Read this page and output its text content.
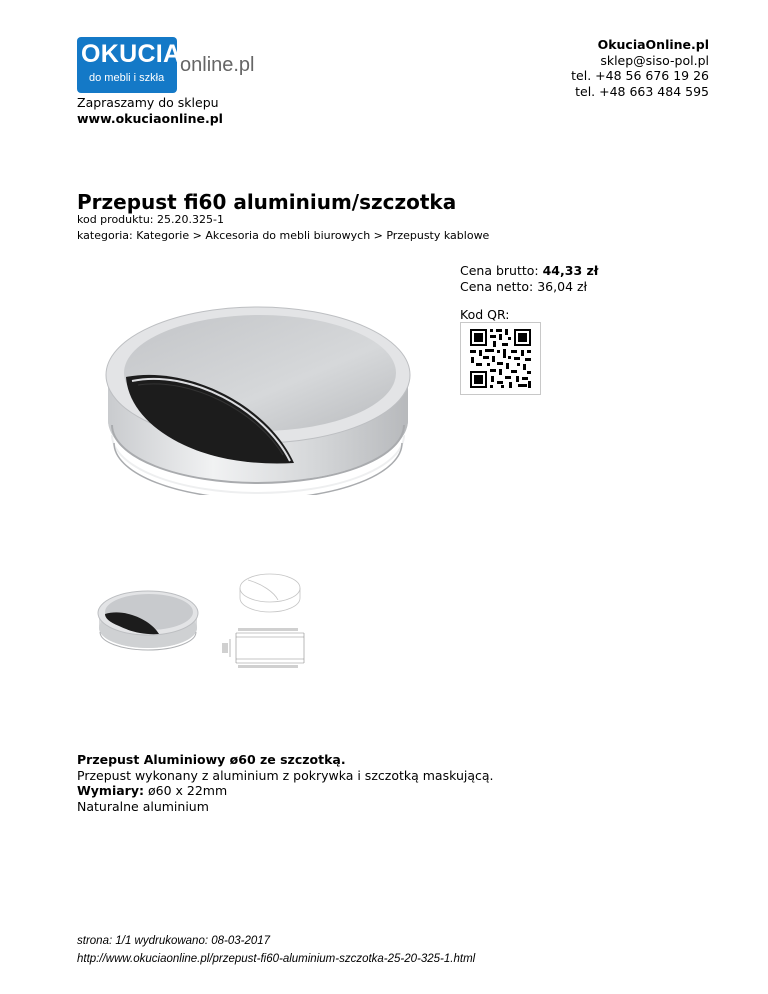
OKUCIA
do mebli i szkła
online.pl
Zapraszamy do sklepu
www.okuciaonline.pl
OkuciaOnline.pl
sklep@siso-pol.pl
tel. +48 56 676 19 26
tel. +48 663 484 595
Przepust fi60 aluminium/szczotka
kod produktu: 25.20.325-1
kategoria: Kategorie > Akcesoria do mebli biurowych > Przepusty kablowe
Cena brutto: 44,33 zł
Cena netto: 36,04 zł
Kod QR:
Przepust Aluminiowy ø60 ze szczotką.
Przepust wykonany z aluminium z pokrywka i szczotką maskującą.
Wymiary: ø60 x 22mm
Naturalne aluminium
strona: 1/1 wydrukowano: 08-03-2017
http://www.okuciaonline.pl/przepust-fi60-aluminium-szczotka-25-20-325-1.html
